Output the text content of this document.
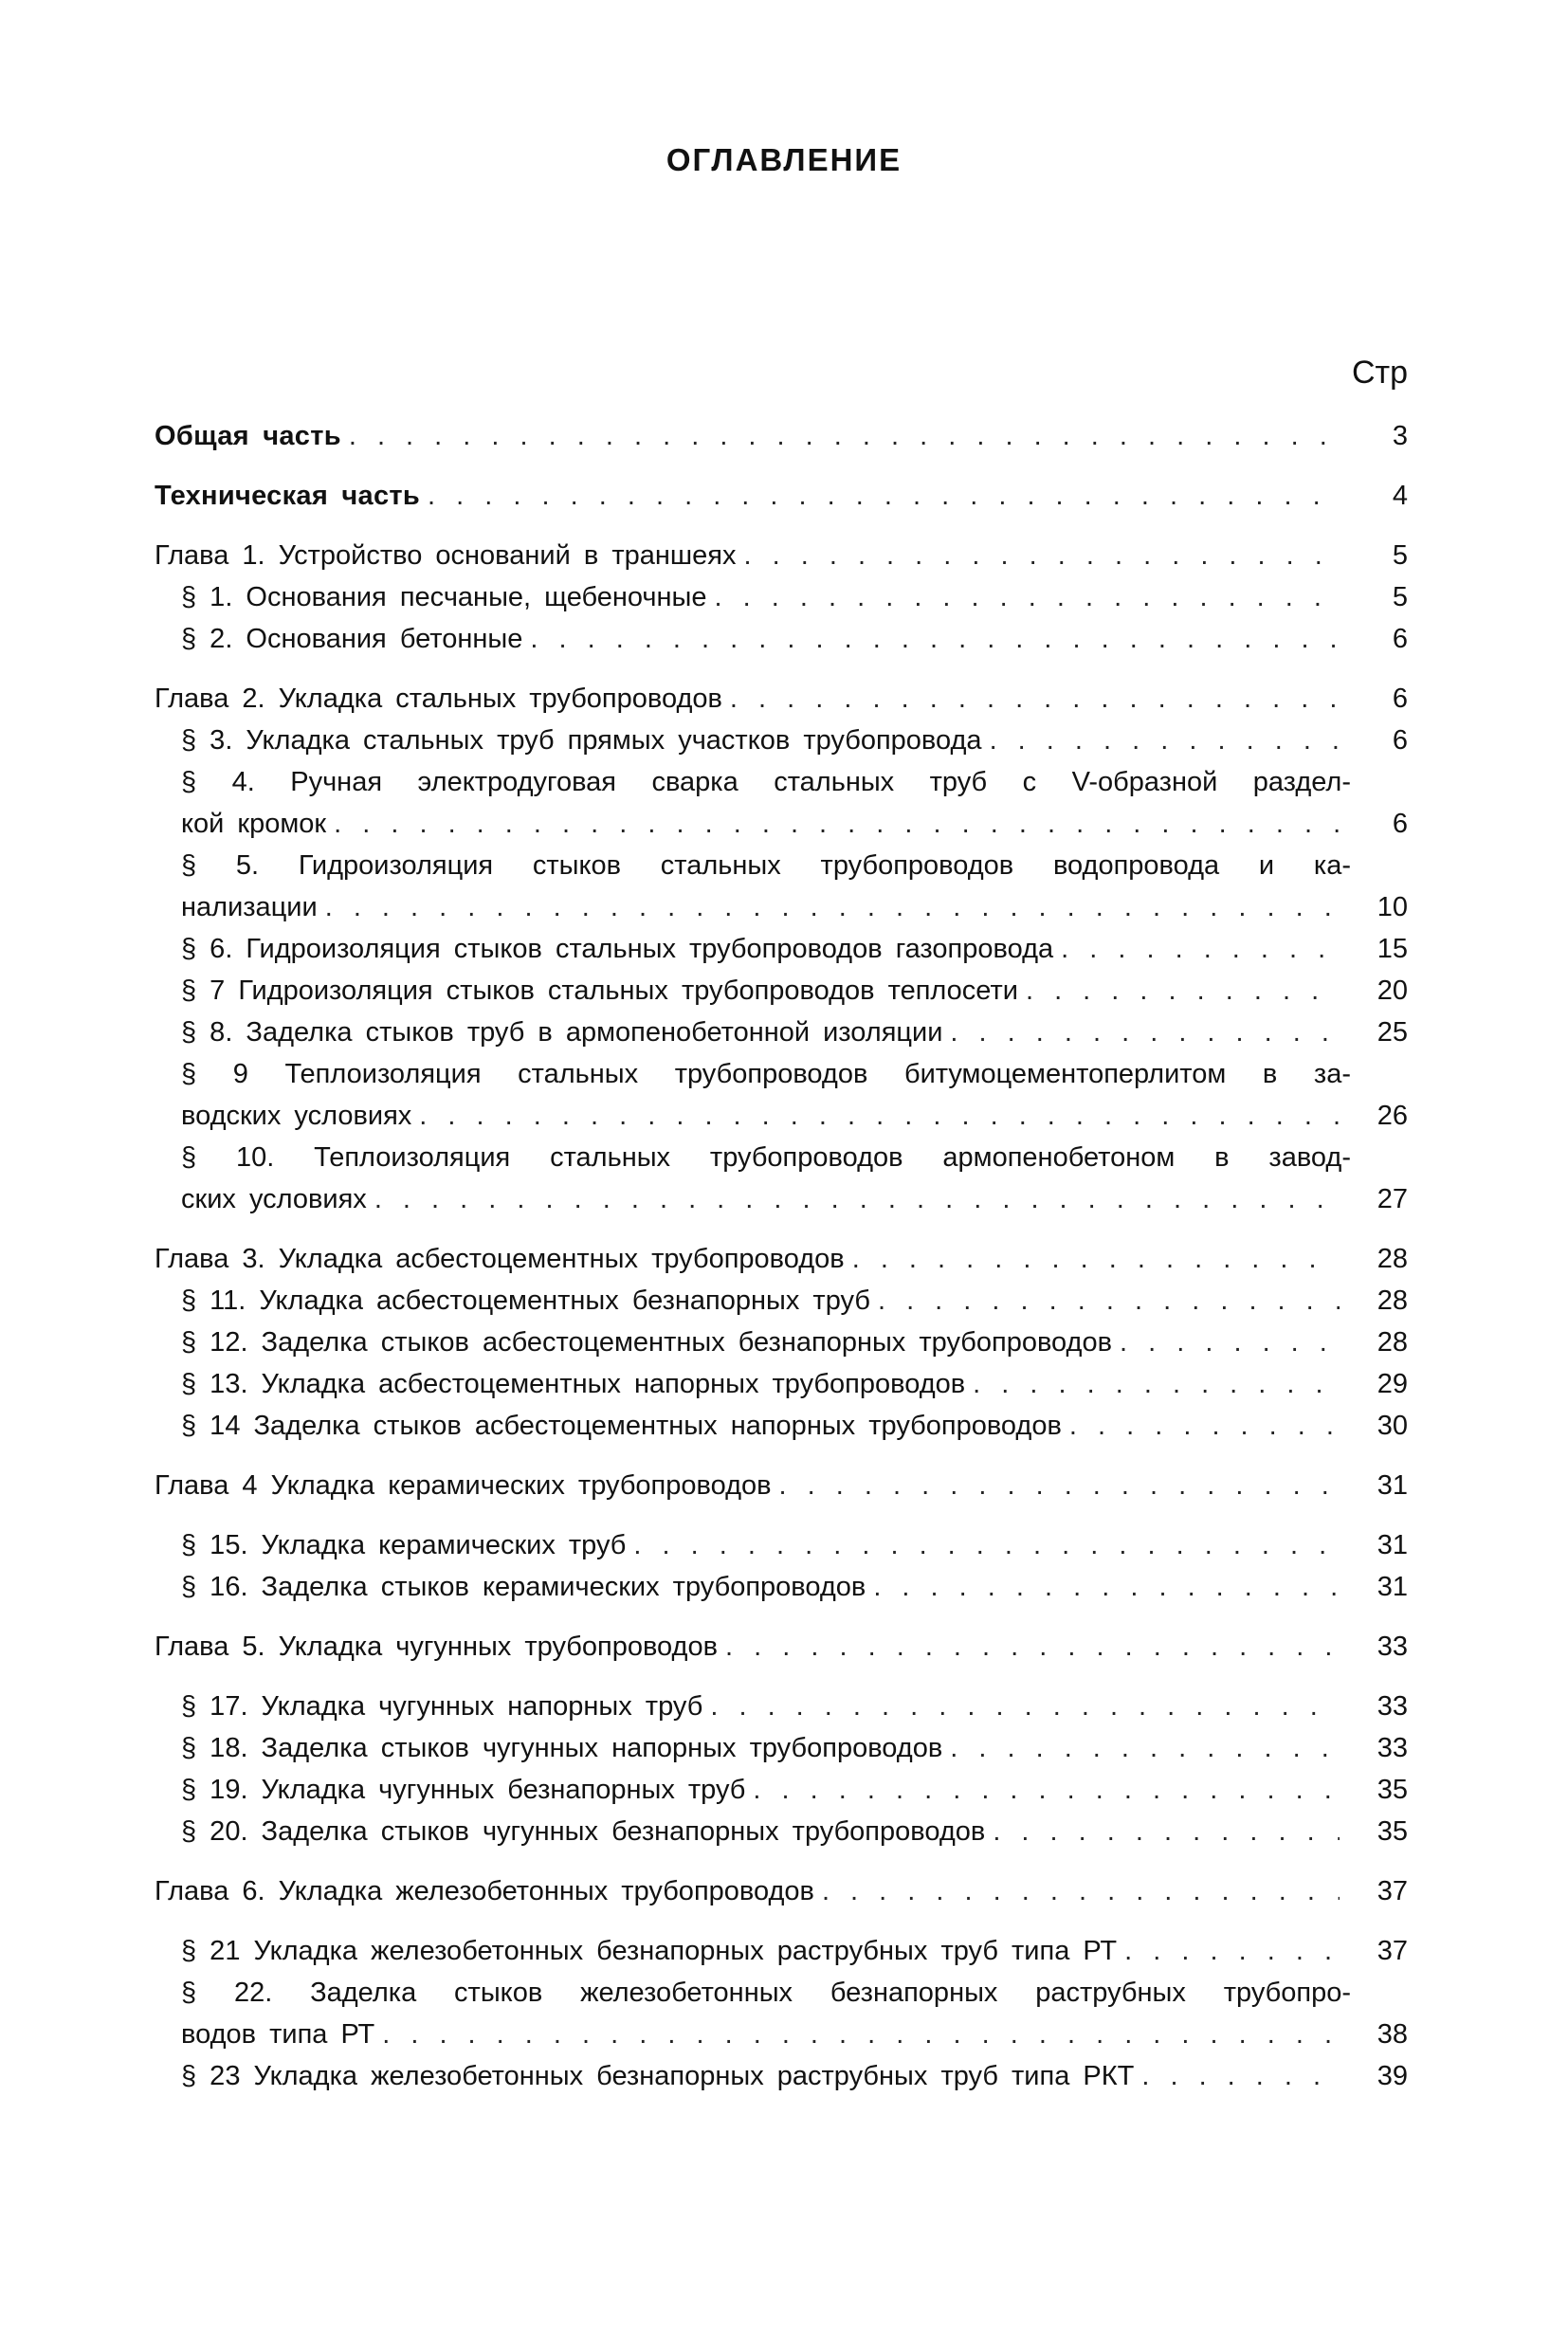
ОГЛАВЛЕНИЕ
Стр
Общая часть . . .	3
Техническая часть . . .	4
Глава 1. Устройство оснований в траншеях . . .	5
§ 1. Основания песчаные, щебеночные . . .	5
§ 2. Основания бетонные . . .	6
Глава 2. Укладка стальных трубопроводов . . .	6
§ 3. Укладка стальных труб прямых участков трубопровода . . .	6
§ 4. Ручная электродуговая сварка стальных труб с V-образной раздел-
кой кромок . . .	6
§ 5. Гидроизоляция стыков стальных трубопроводов водопровода и ка-
нализации . . .	10
§ 6. Гидроизоляция стыков стальных трубопроводов газопровода . . .	15
§ 7 Гидроизоляция стыков стальных трубопроводов теплосети . . .	20
§ 8. Заделка стыков труб в армопенобетонной изоляции . . .	25
§ 9 Теплоизоляция стальных трубопроводов битумоцементоперлитом в за-
водских условиях . . .	26
§ 10. Теплоизоляция стальных трубопроводов армопенобетоном в завод-
ских условиях . . .	27
Глава 3. Укладка асбестоцементных трубопроводов . . .	28
§ 11. Укладка асбестоцементных безнапорных труб . . .	28
§ 12. Заделка стыков асбестоцементных безнапорных трубопроводов . . .	28
§ 13. Укладка асбестоцементных напорных трубопроводов . . .	29
§ 14 Заделка стыков асбестоцементных напорных трубопроводов . . .	30
Глава 4 Укладка керамических трубопроводов . . .	31
§ 15. Укладка керамических труб . . .	31
§ 16. Заделка стыков керамических трубопроводов . . .	31
Глава 5. Укладка чугунных трубопроводов . . .	33
§ 17. Укладка чугунных напорных труб . . .	33
§ 18. Заделка стыков чугунных напорных трубопроводов . . .	33
§ 19. Укладка чугунных безнапорных труб . . .	35
§ 20. Заделка стыков чугунных безнапорных трубопроводов . . .	35
Глава 6. Укладка железобетонных трубопроводов . . .	37
§ 21 Укладка железобетонных безнапорных раструбных труб типа РТ . . .	37
§ 22. Заделка стыков железобетонных безнапорных раструбных трубопро-
водов типа РТ . . .	38
§ 23 Укладка железобетонных безнапорных раструбных труб типа РКТ . . .	39
